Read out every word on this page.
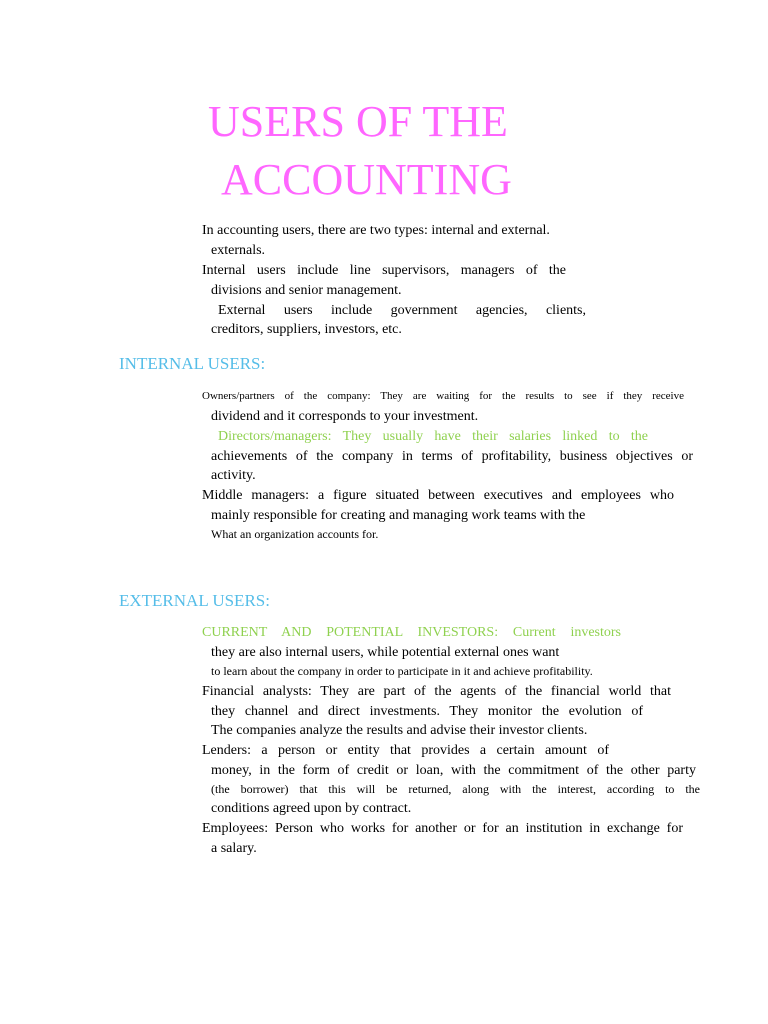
USERS OF THE
ACCOUNTING
In accounting users, there are two types: internal and external.
externals.
Internal users include line supervisors, managers of the
divisions and senior management.
External users include government agencies, clients,
creditors, suppliers, investors, etc.
INTERNAL USERS:
Owners/partners of the company: They are waiting for the results to see if they receive
dividend and it corresponds to your investment.
Directors/managers: They usually have their salaries linked to the
achievements of the company in terms of profitability, business objectives or
activity.
Middle managers: a figure situated between executives and employees who
mainly responsible for creating and managing work teams with the
What an organization accounts for.
EXTERNAL USERS:
CURRENT AND POTENTIAL INVESTORS: Current investors
they are also internal users, while potential external ones want
to learn about the company in order to participate in it and achieve profitability.
Financial analysts: They are part of the agents of the financial world that
they channel and direct investments. They monitor the evolution of
The companies analyze the results and advise their investor clients.
Lenders: a person or entity that provides a certain amount of
money, in the form of credit or loan, with the commitment of the other party
(the borrower) that this will be returned, along with the interest, according to the
conditions agreed upon by contract.
Employees: Person who works for another or for an institution in exchange for
a salary.
